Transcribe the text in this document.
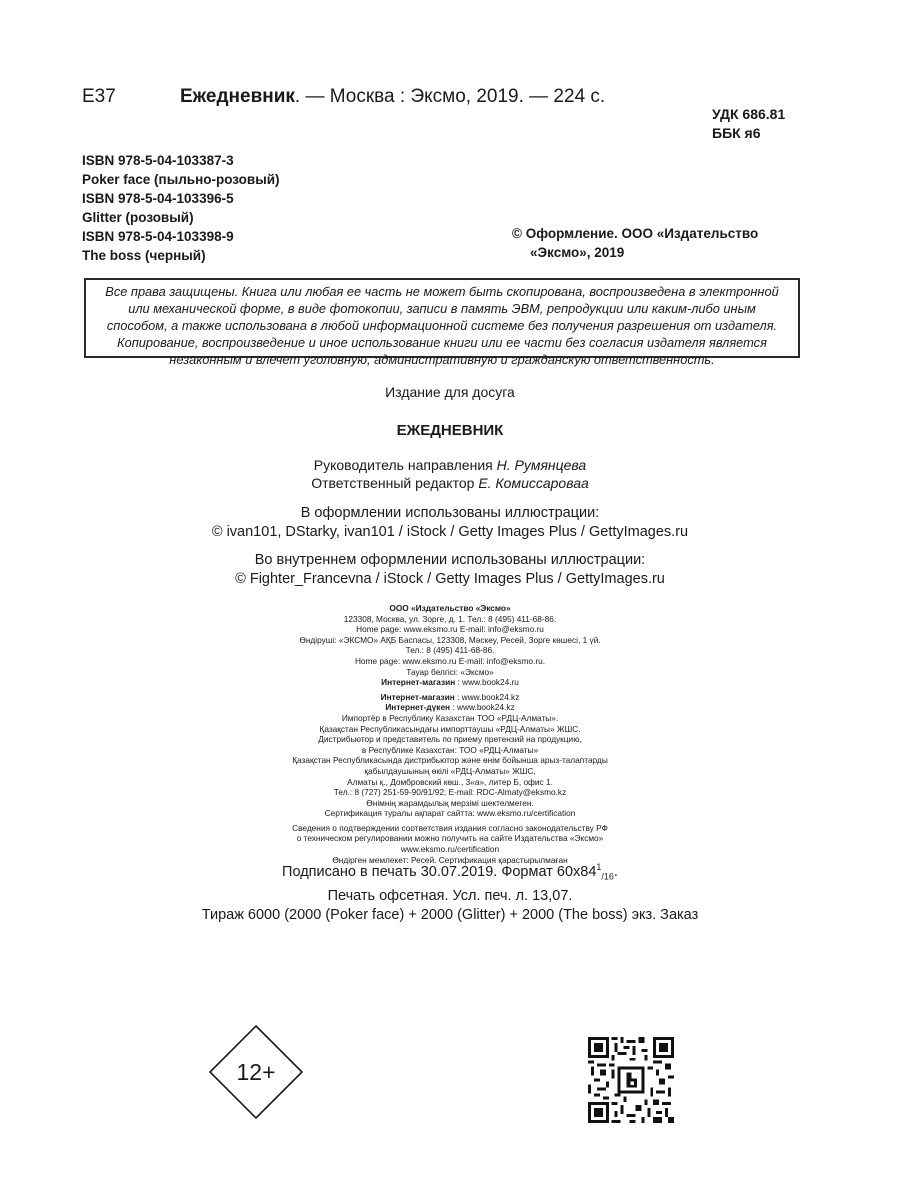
Е37	Ежедневник. — Москва : Эксмо, 2019. — 224 с.
УДК 686.81
ББК я6
ISBN 978-5-04-103387-3
Poker face (пыльно-розовый)
ISBN 978-5-04-103396-5
Glitter (розовый)
ISBN 978-5-04-103398-9
The boss (черный)
© Оформление. ООО «Издательство
«Эксмо», 2019
Все права защищены. Книга или любая ее часть не может быть скопирована, воспроизведена в электронной
или механической форме, в виде фотокопии, записи в память ЭВМ, репродукции или каким-либо иным
способом, а также использована в любой информационной системе без получения разрешения от издателя.
Копирование, воспроизведение и иное использование книги или ее части без согласия издателя является
незаконным и влечет уголовную, административную и гражданскую ответственность.
Издание для досуга
ЕЖЕДНЕВНИК
Руководитель направления Н. Румянцева
Ответственный редактор Е. Комиссароваа
В оформлении использованы иллюстрации:
© ivan101, DStarky, ivan101 / iStock / Getty Images Plus / GettyImages.ru
Во внутреннем оформлении использованы иллюстрации:
© Fighter_Francevna / iStock / Getty Images Plus / GettyImages.ru
ООО «Издательство «Эксмо»
123308, Москва, ул. Зорге, д. 1. Тел.: 8 (495) 411-68-86.
Home page: www.eksmo.ru E-mail: info@eksmo.ru
Өндіруші: «ЭКСМО» АҚБ Баспасы, 123308, Мәскеу, Ресей, Зорге көшесі, 1 үй.
Тел.: 8 (495) 411-68-86.
Home page: www.eksmo.ru E-mail: info@eksmo.ru.
Тауар белгісі: «Эксмо»
Интернет-магазин : www.book24.ru
Интернет-магазин : www.book24.kz
Интернет-дүкен : www.book24.kz
Импортёр в Республику Казахстан ТОО «РДЦ-Алматы».
Қазақстан Республикасындағы импорттаушы «РДЦ-Алматы» ЖШС.
Дистрибьютор и представитель по приему претензий на продукцию,
в Республике Казахстан: ТОО «РДЦ-Алматы»
Қазақстан Республикасында дистрибьютор және өнім бойынша арыз-талаптарды
қабылдаушының өкілі «РДЦ-Алматы» ЖШС,
Алматы қ., Домбровский көш., 3«а», литер Б, офис 1.
Тел.: 8 (727) 251-59-90/91/92; E-mail: RDC-Almaty@eksmo.kz
Өнімнің жарамдылық мерзімі шектелмеген.
Сертификация туралы ақпарат сайтта: www.eksmo.ru/certification
Сведения о подтверждении соответствия издания согласно законодательству РФ
о техническом регулировании можно получить на сайте Издательства «Эксмо»
www.eksmo.ru/certification
Өндірген мемлекет: Ресей. Сертификация қарастырылмаған
Подписано в печать 30.07.2019. Формат $60х84^1_{/16}$.
Печать офсетная. Усл. печ. л. 13,07.
Тираж 6000 (2000 (Poker face) + 2000 (Glitter) + 2000 (The boss) экз. Заказ
12+
